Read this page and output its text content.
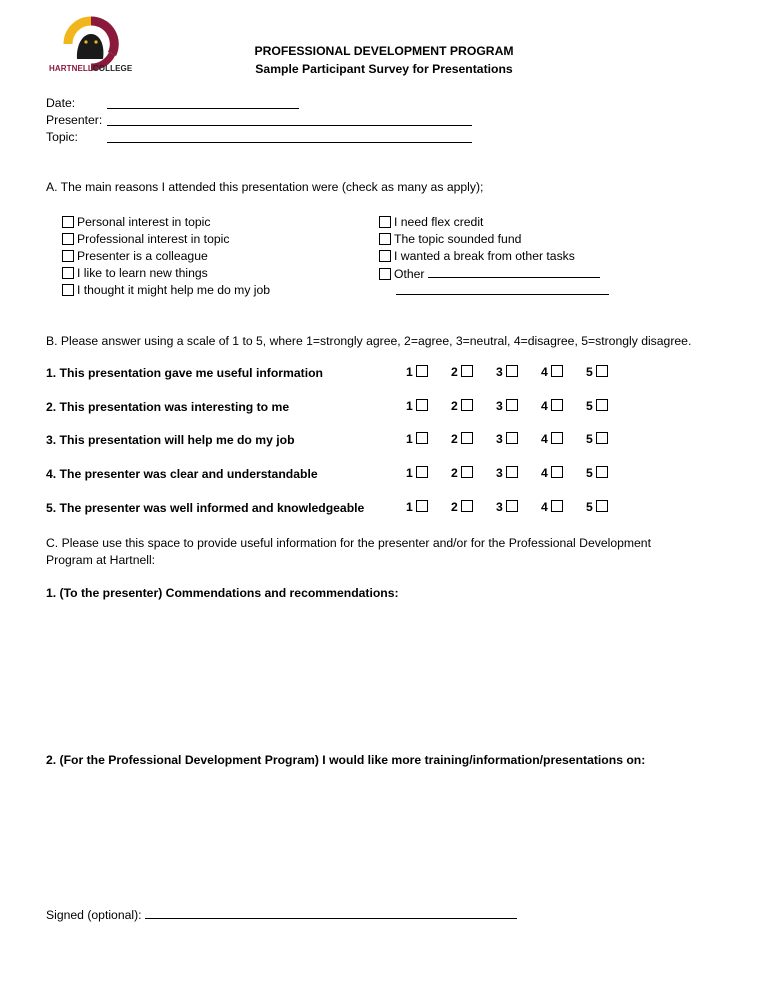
HARTNELLCOLLEGE
PROFESSIONAL DEVELOPMENT PROGRAM
Sample Participant Survey for Presentations
Date:
Presenter:
Topic:
A. The main reasons I attended this presentation were (check as many as apply);
Personal interest in topic
Professional interest in topic
Presenter is a colleague
I like to learn new things
I thought it might help me do my job
I need flex credit
The topic sounded fund
I wanted a break from other tasks
Other
B. Please answer using a scale of 1 to 5, where 1=strongly agree, 2=agree, 3=neutral, 4=disagree, 5=strongly disagree.
1. This presentation gave me useful information	1	2	3	4	5
2. This presentation was interesting to me	1	2	3	4	5
3. This presentation will help me do my job	1	2	3	4	5
4. The presenter was clear and understandable	1	2	3	4	5
5. The presenter was well informed and knowledgeable	1	2	3	4	5
C. Please use this space to provide useful information for the presenter and/or for the Professional Development
Program at Hartnell:
1. (To the presenter) Commendations and recommendations:
2. (For the Professional Development Program) I would like more training/information/presentations on:
Signed (optional):
